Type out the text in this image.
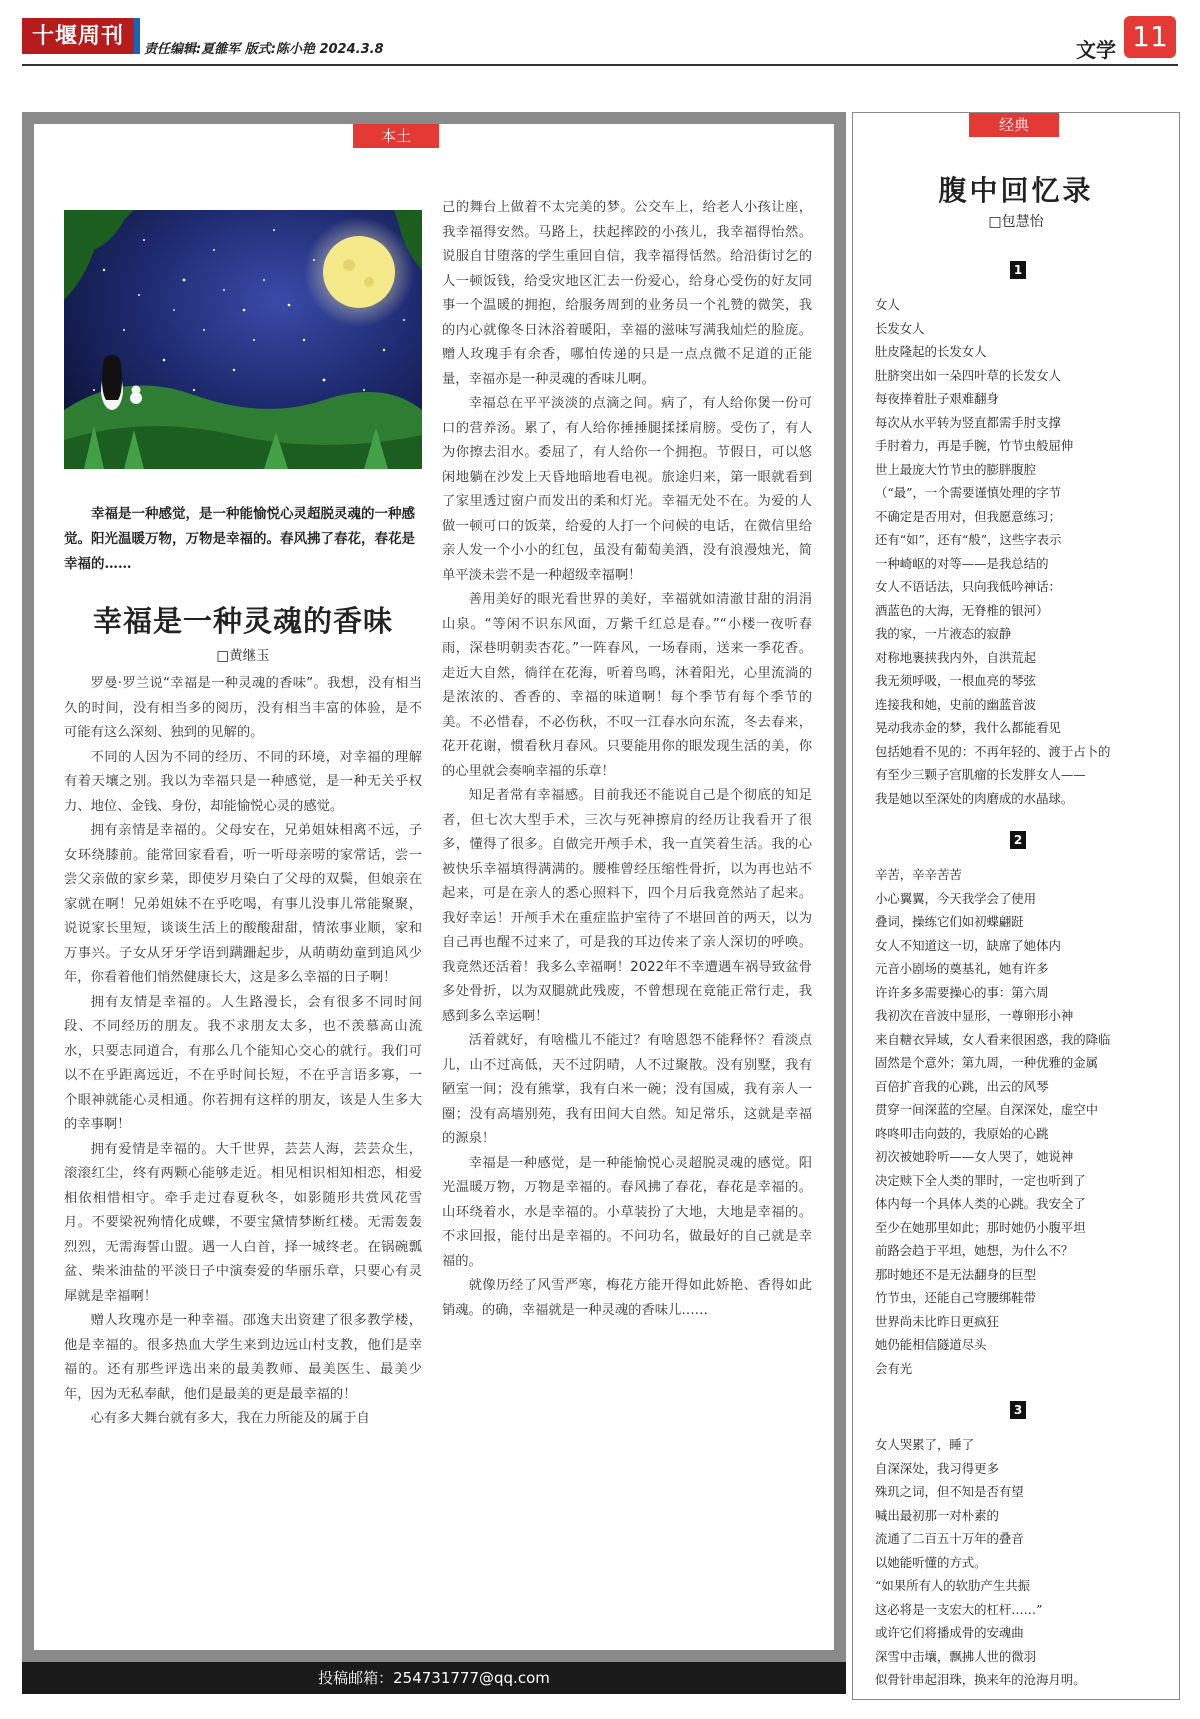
十堰周刊
责任编辑:夏雒军 版式:陈小艳 2024.3.8	文学 11
本土
幸福是一种感觉，是一种能愉悦心灵超脱灵魂的一种感觉。阳光温暖万物，万物是幸福的。春风拂了春花，春花是幸福的……
幸福是一种灵魂的香味
□黄继玉

罗曼·罗兰说“幸福是一种灵魂的香味”。我想，没有相当久的时间，没有相当多的阅历，没有相当丰富的体验，是不可能有这么深刻、独到的见解的。

不同的人因为不同的经历、不同的环境，对幸福的理解有着天壤之别。我以为幸福只是一种感觉，是一种无关乎权力、地位、金钱、身份，却能愉悦心灵的感觉。

拥有亲情是幸福的。父母安在，兄弟姐妹相离不远，子女环绕膝前。能常回家看看，听一听母亲唠的家常话，尝一尝父亲做的家乡菜，即使岁月染白了父母的双鬓，但娘亲在家就在啊！兄弟姐妹不在乎吃喝，有事儿没事儿常能聚聚，说说家长里短，谈谈生活上的酸酸甜甜，情浓事业顺，家和万事兴。子女从牙牙学语到蹒跚起步，从萌萌幼童到追风少年，你看着他们悄然健康长大，这是多么幸福的日子啊！

拥有友情是幸福的。人生路漫长，会有很多不同时间段、不同经历的朋友。我不求朋友太多，也不羡慕高山流水，只要志同道合，有那么几个能知心交心的就行。我们可以不在乎距离远近，不在乎时间长短，不在乎言语多寡，一个眼神就能心灵相通。你若拥有这样的朋友，该是人生多大的幸事啊！

拥有爱情是幸福的。大千世界，芸芸人海，芸芸众生，滚滚红尘，终有两颗心能够走近。相见相识相知相恋，相爱相依相惜相守。牵手走过春夏秋冬，如影随形共赏风花雪月。不要梁祝殉情化成蝶，不要宝黛情梦断红楼。无需轰轰烈烈，无需海誓山盟。遇一人白首，择一城终老。在锅碗瓢盆、柴米油盐的平淡日子中演奏爱的华丽乐章，只要心有灵犀就是幸福啊！

赠人玫瑰亦是一种幸福。邵逸夫出资建了很多教学楼，他是幸福的。很多热血大学生来到边远山村支教，他们是幸福的。还有那些评选出来的最美教师、最美医生、最美少年，因为无私奉献，他们是最美的更是最幸福的！

心有多大舞台就有多大，我在力所能及的属于自

己的舞台上做着不太完美的梦。公交车上，给老人小孩让座，我幸福得安然。马路上，扶起摔跤的小孩儿，我幸福得怡然。说服自甘堕落的学生重回自信，我幸福得恬然。给沿街讨乞的人一顿饭钱，给受灾地区汇去一份爱心，给身心受伤的好友同事一个温暖的拥抱，给服务周到的业务员一个礼赞的微笑，我的内心就像冬日沐浴着暖阳，幸福的滋味写满我灿烂的脸庞。赠人玫瑰手有余香，哪怕传递的只是一点点微不足道的正能量，幸福亦是一种灵魂的香味儿啊。

幸福总在平平淡淡的点滴之间。病了，有人给你煲一份可口的营养汤。累了，有人给你捶捶腿揉揉肩膀。受伤了，有人为你擦去泪水。委屈了，有人给你一个拥抱。节假日，可以悠闲地躺在沙发上天昏地暗地看电视。旅途归来，第一眼就看到了家里透过窗户而发出的柔和灯光。幸福无处不在。为爱的人做一顿可口的饭菜，给爱的人打一个问候的电话，在微信里给亲人发一个小小的红包，虽没有葡萄美酒，没有浪漫烛光，简单平淡未尝不是一种超级幸福啊！

善用美好的眼光看世界的美好，幸福就如清澈甘甜的涓涓山泉。“等闲不识东风面，万紫千红总是春。”“小楼一夜听春雨，深巷明朝卖杏花。”一阵春风，一场春雨，送来一季花香。走近大自然，徜徉在花海，听着鸟鸣，沐着阳光，心里流淌的是浓浓的、香香的、幸福的味道啊！每个季节有每个季节的美。不必惜春，不必伤秋，不叹一江春水向东流，冬去春来，花开花谢，惯看秋月春风。只要能用你的眼发现生活的美，你的心里就会奏响幸福的乐章！

知足者常有幸福感。目前我还不能说自己是个彻底的知足者，但七次大型手术，三次与死神擦肩的经历让我看开了很多，懂得了很多。自做完开颅手术，我一直笑着生活。我的心被快乐幸福填得满满的。腰椎曾经压缩性骨折，以为再也站不起来，可是在亲人的悉心照料下，四个月后我竟然站了起来。我好幸运！开颅手术在重症监护室待了不堪回首的两天，以为自己再也醒不过来了，可是我的耳边传来了亲人深切的呼唤。我竟然还活着！我多么幸福啊！2022年不幸遭遇车祸导致盆骨多处骨折，以为双腿就此残废，不曾想现在竟能正常行走，我感到多么幸运啊！

活着就好，有啥槛儿不能过？有啥恩怨不能释怀？看淡点儿，山不过高低，天不过阴晴，人不过聚散。没有别墅，我有陋室一间；没有熊掌，我有白米一碗；没有国威，我有亲人一圈；没有高墙别苑，我有田间大自然。知足常乐，这就是幸福的源泉！

幸福是一种感觉，是一种能愉悦心灵超脱灵魂的感觉。阳光温暖万物，万物是幸福的。春风拂了春花，春花是幸福的。山环绕着水，水是幸福的。小草装扮了大地，大地是幸福的。不求回报，能付出是幸福的。不问功名，做最好的自己就是幸福的。

就像历经了风雪严寒，梅花方能开得如此娇艳、香得如此销魂。的确，幸福就是一种灵魂的香味儿……

投稿邮箱：254731777@qq.com
经典
腹中回忆录
□包慧怡
1
女人
长发女人
肚皮隆起的长发女人
肚脐突出如一朵四叶草的长发女人
每夜捧着肚子艰难翻身
每次从水平转为竖直都需手肘支撑
手肘着力，再是手腕，竹节虫般屈伸
世上最庞大竹节虫的膨胖腹腔
（“最”，一个需要谨慎处理的字节
不确定是否用对，但我愿意练习；
还有“如”，还有“般”，这些字表示
一种崎岖的对等——是我总结的
女人不语话法，只向我低吟神话：
酒蓝色的大海，无脊椎的银河）
我的家，一片液态的寂静
对称地裹挟我内外，自洪荒起
我无须呼吸，一根血亮的琴弦
连接我和她，史前的幽蓝音波
晃动我赤金的梦，我什么都能看见
包括她看不见的：不再年轻的、渡于占卜的
有至少三颗子宫肌瘤的长发胖女人——
我是她以至深处的肉磨成的水晶球。
2
辛苦，辛辛苦苦
小心翼翼，今天我学会了使用
叠词，操练它们如初蝶翩跹
女人不知道这一切，缺席了她体内
元音小剧场的奠基礼，她有许多
许许多多需要操心的事：第六周
我初次在音波中显形，一尊卵形小神
来自糖衣异域，女人看来很困惑，我的降临
固然是个意外；第九周，一种优雅的金属
百倍扩音我的心跳，出云的风琴
贯穿一间深蓝的空屋。自深深处，虚空中
咚咚叩击向鼓的，我原始的心跳
初次被她聆听——女人哭了，她说神
决定赎下全人类的罪时，一定也听到了
体内每一个具体人类的心跳。我安全了
至少在她那里如此；那时她仍小腹平坦
前路会趋于平坦，她想，为什么不？
那时她还不是无法翻身的巨型
竹节虫，还能自己穹腰绑鞋带
世界尚未比昨日更疯狂
她仍能相信隧道尽头
会有光
3
女人哭累了，睡了
自深深处，我习得更多
殊玑之词，但不知是否有望
喊出最初那一对朴素的
流通了二百五十万年的叠音
以她能听懂的方式。
“如果所有人的软肋产生共振
这必将是一支宏大的杠杆……”
或许它们将播成骨的安魂曲
深雪中击壤，飘拂人世的微羽
似骨针串起泪珠，换来年的沧海月明。
